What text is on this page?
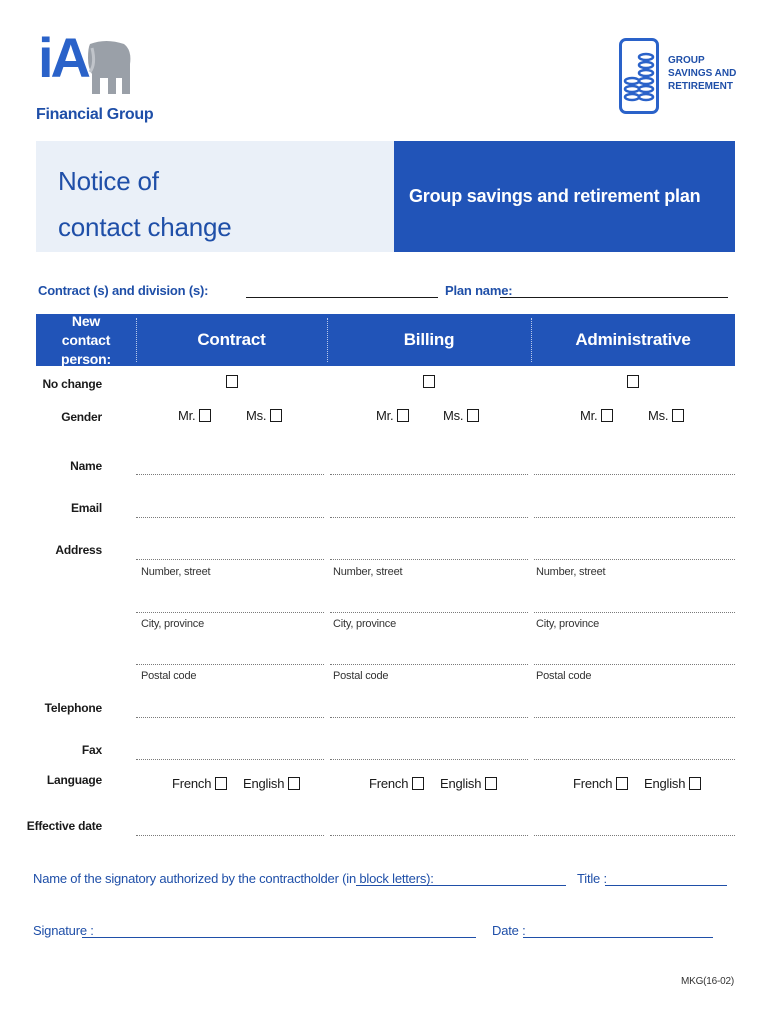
iA
Financial Group
GROUP
SAVINGS AND
RETIREMENT
Notice of
contact change
Group savings and retirement plan
Contract (s) and division (s):	Plan name:
New
contact person:
Contract	Billing	Administrative
No change
Gender	Mr.	Ms.	Mr.	Ms.	Mr.	Ms.
Name
Email
Address
Number, street	Number, street	Number, street
City, province	City, province	City, province
Postal code	Postal code	Postal code
Telephone
Fax
Language	French English	French English	French English
Effective date
Name of the signatory authorized by the contractholder (in block letters):	Title :
Signature :	Date :
MKG(16-02)
